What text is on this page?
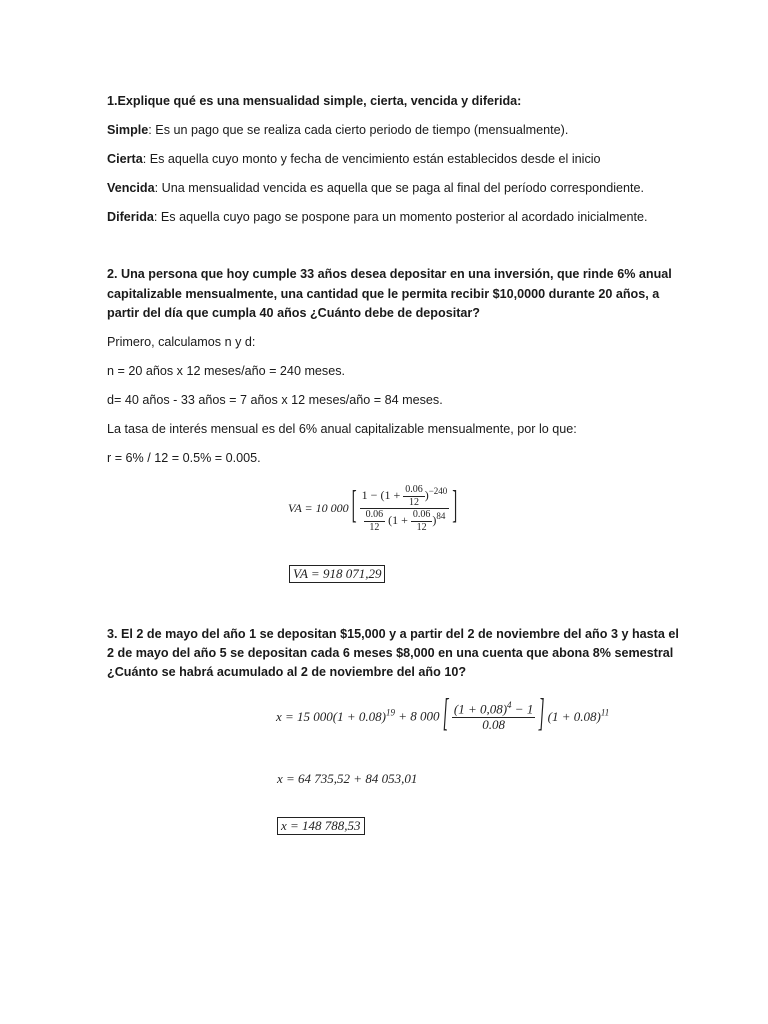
1.Explique qué es una mensualidad simple, cierta, vencida y diferida:
Simple: Es un pago que se realiza cada cierto periodo de tiempo (mensualmente).
Cierta: Es aquella cuyo monto y fecha de vencimiento están establecidos desde el inicio
Vencida: Una mensualidad vencida es aquella que se paga al final del período correspondiente.
Diferida: Es aquella cuyo pago se pospone para un momento posterior al acordado inicialmente.
2. Una persona que hoy cumple 33 años desea depositar en una inversión, que rinde 6% anual
capitalizable mensualmente, una cantidad que le permita recibir $10,0000 durante 20 años, a
partir del día que cumpla 40 años ¿Cuánto debe de depositar?
Primero, calculamos n y d:
n = 20 años x 12 meses/año = 240 meses.
d= 40 años - 33 años = 7 años x 12 meses/año = 84 meses.
La tasa de interés mensual es del 6% anual capitalizable mensualmente, por lo que:
r = 6% / 12 = 0.5% = 0.005.
VA = 10 000 [ $\frac{1 - (1 + \frac{0.06}{12} )^{-240}}{\frac{0.06}{12} (1 + \frac{0.06}{12} )^{84}}$ ]
VA = 918 071,29
3. El 2 de mayo del año 1 se depositan $15,000 y a partir del 2 de noviembre del año 3 y hasta el
2 de mayo del año 5 se depositan cada 6 meses $8,000 en una cuenta que abona 8% semestral
¿Cuánto se habrá acumulado al 2 de noviembre del año 10?
x = 15 $000(1 + 0.08)^{19} + 8$ 000 [ $\frac{(1 + 0,08)^4 - 1}{0.08}$ ] $(1 + 0.08)^{11}$
x = 64 735,52 + 84 053,01
x = 148 788,53
